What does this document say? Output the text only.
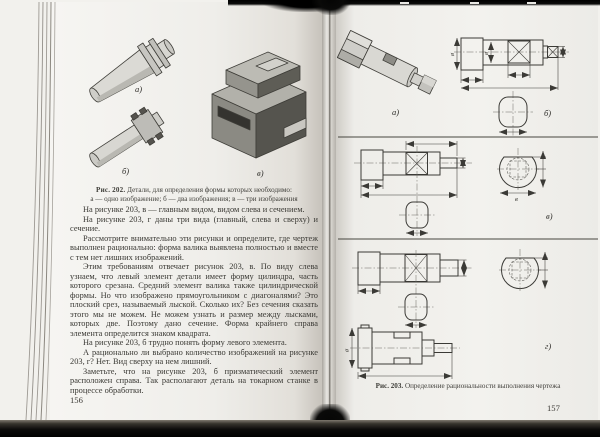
а)
б)	в)
Рис. 202. Детали, для определения формы которых необходимо:
а — одно изображение; б — два изображения; в — три изображения

На рисунке 203, в — главным видом, видом слева и сечением.

На рисунке 203, г даны три вида (главный, слева и сверху) и сечение.

Рассмотрите внимательно эти рисунки и определите, где чертеж выполнен рационально: форма валика выявлена полностью и вместе с тем нет лишних изображений.

Этим требованиям отвечает рисунок 203, в. По виду слева узнаем, что левый элемент детали имеет форму цилиндра, часть которого срезана. Средний элемент валика также цилиндрической формы. Но что изображено прямоугольником с диагоналями? Это плоский срез, называемый лыской. Сколько их? Без сечения сказать этого мы не можем. Не можем узнать и размер между лысками, которых две. Поэтому дано сечение. Форма крайнего справа элемента определится знаком квадрата.

На рисунке 203, б трудно понять форму левого элемента.

А рационально ли выбрано количество изображений на рисунке 203, г? Нет. Вид сверху на нем лишний.

Заметьте, что на рисунке 203, б призматический элемент расположен справа. Так располагают деталь на токарном станке в процессе обработки.

156
а)
ø	ø
б)
в
в)
ø	г)
Рис. 203. Определение рациональности выполнения чертежа
157
